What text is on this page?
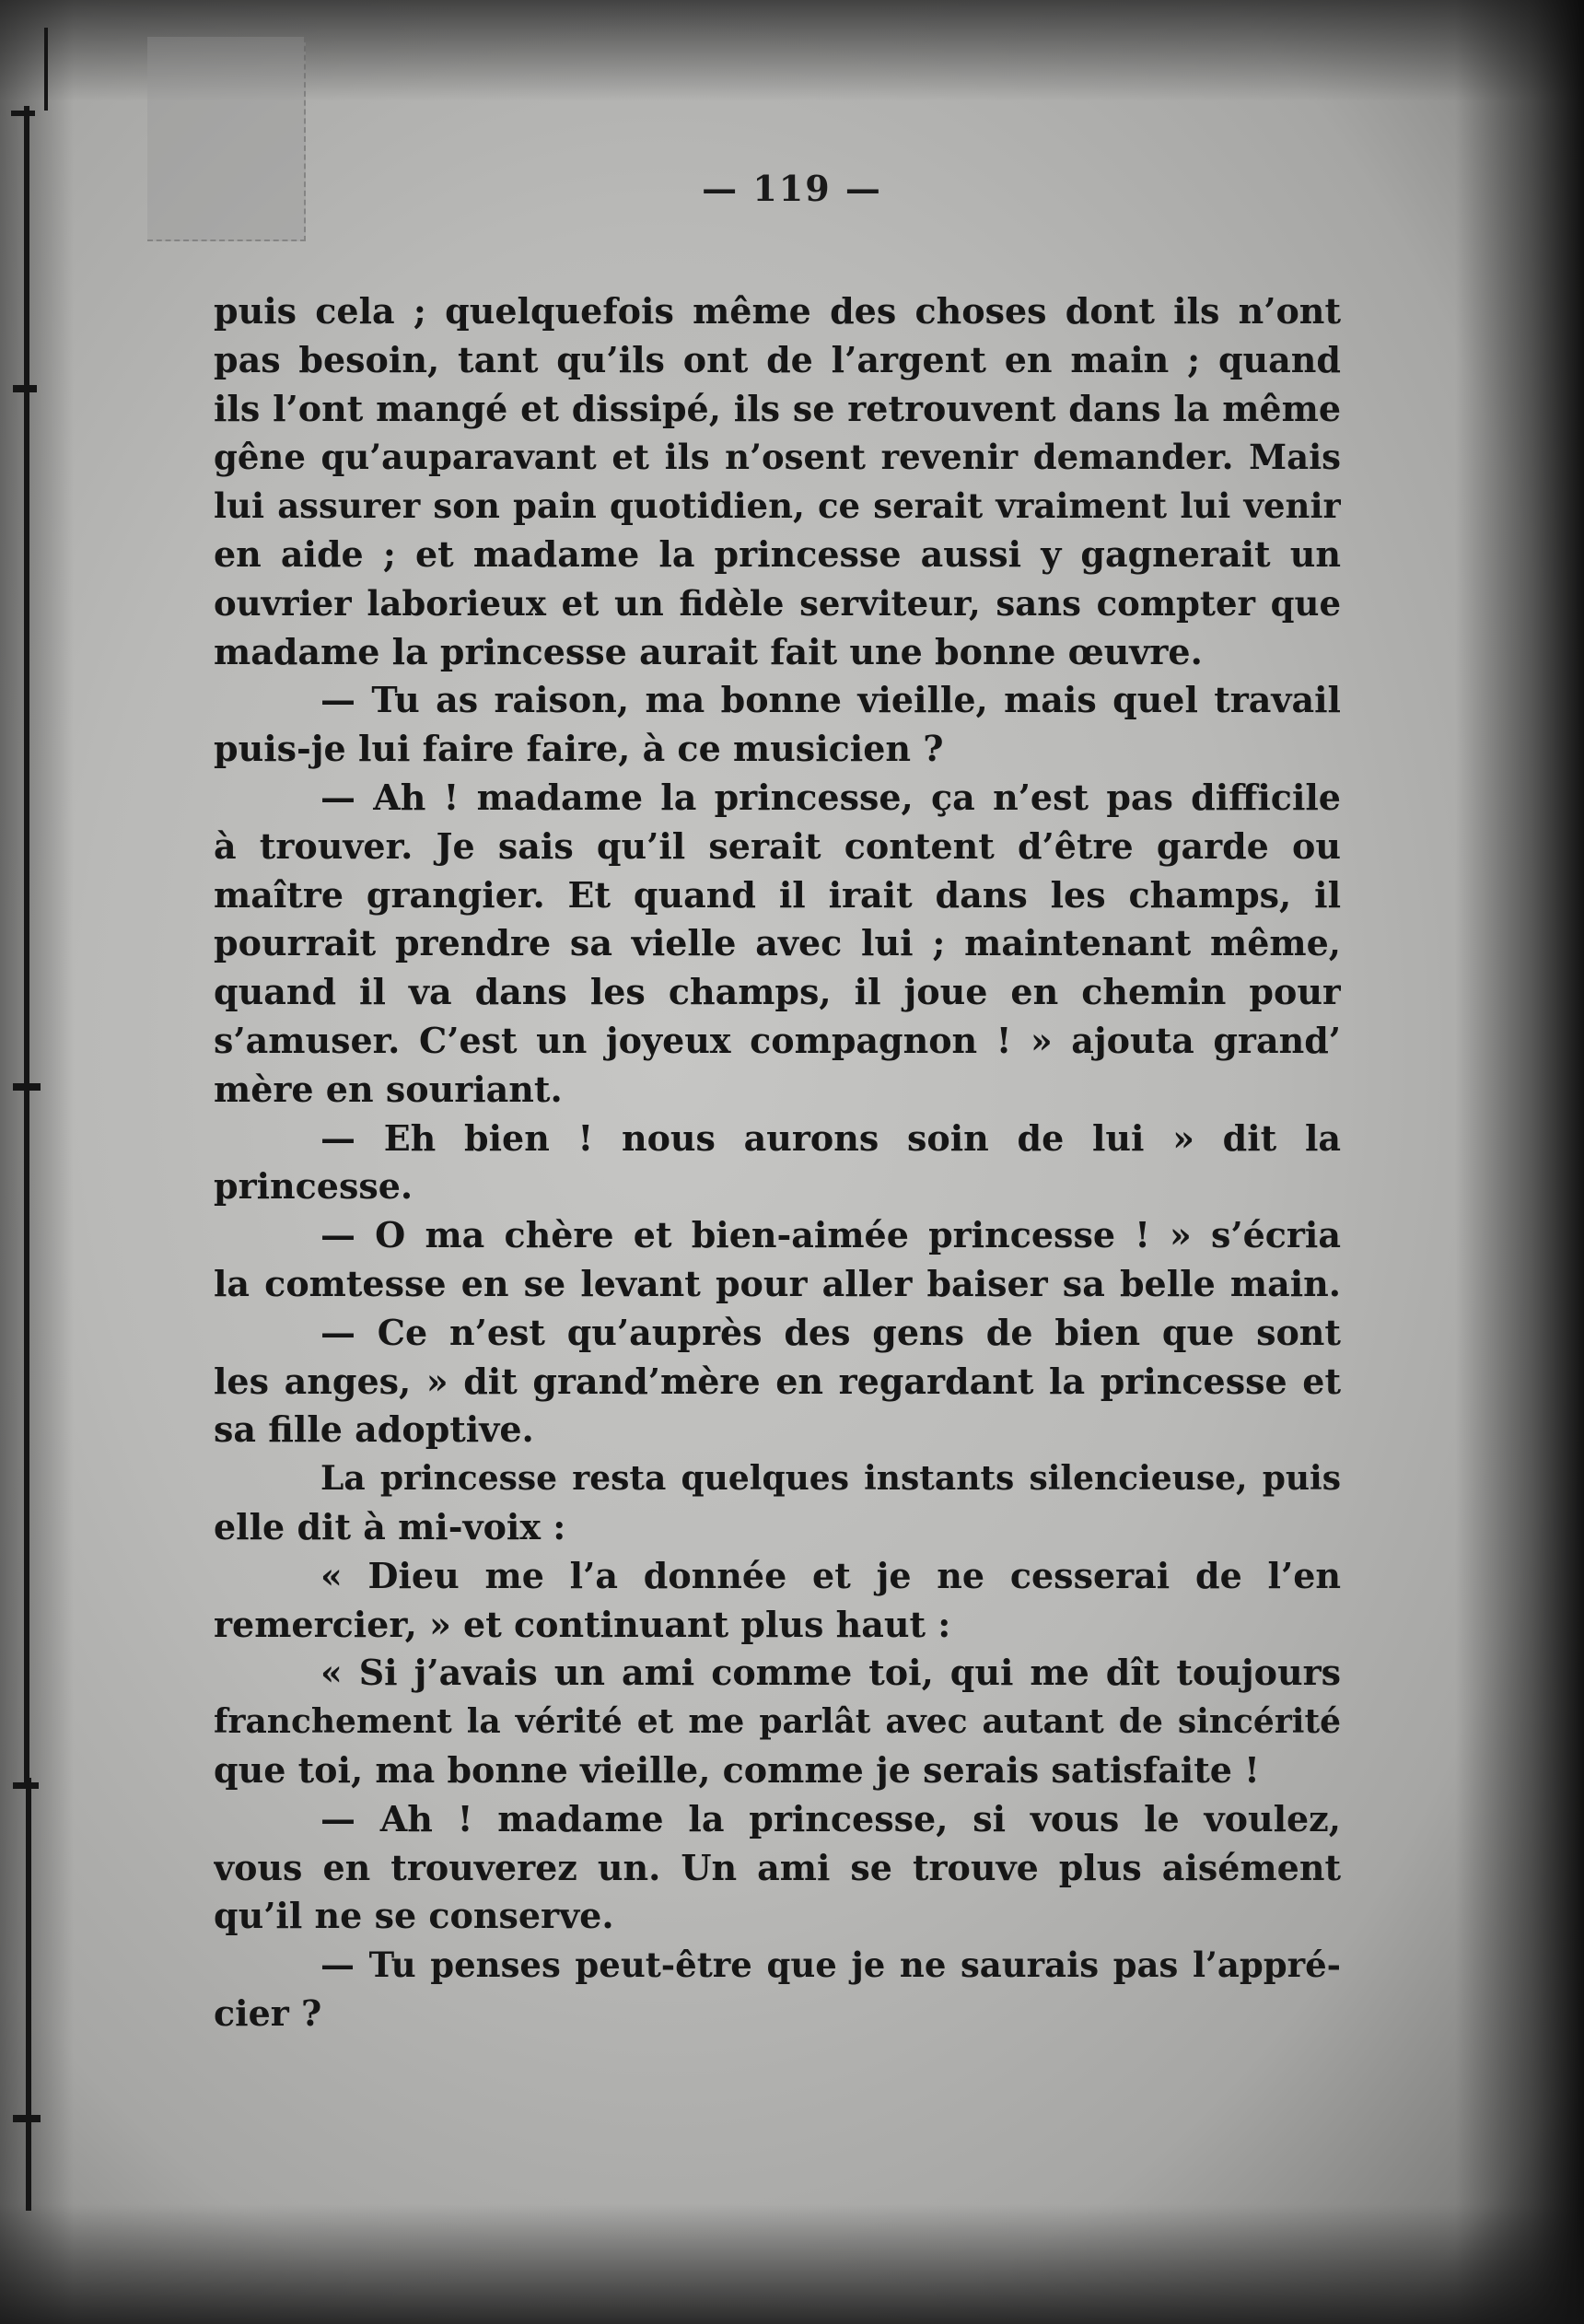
— 119 —
puis cela ; quelquefois même des choses dont ils n’ont
pas besoin, tant qu’ils ont de l’argent en main ; quand
ils l’ont mangé et dissipé, ils se retrouvent dans la même
gêne qu’auparavant et ils n’osent revenir demander. Mais
lui assurer son pain quotidien, ce serait vraiment lui venir
en aide ; et madame la princesse aussi y gagnerait un
ouvrier laborieux et un fidèle serviteur, sans compter que
madame la princesse aurait fait une bonne œuvre.
— Tu as raison, ma bonne vieille, mais quel travail
puis-je lui faire faire, à ce musicien ?
— Ah ! madame la princesse, ça n’est pas difficile
à trouver. Je sais qu’il serait content d’être garde ou
maître grangier. Et quand il irait dans les champs, il
pourrait prendre sa vielle avec lui ; maintenant même,
quand il va dans les champs, il joue en chemin pour
s’amuser. C’est un joyeux compagnon ! » ajouta grand’
mère en souriant.
— Eh bien ! nous aurons soin de lui » dit la
princesse.
— O ma chère et bien-aimée princesse ! » s’écria
la comtesse en se levant pour aller baiser sa belle main.
— Ce n’est qu’auprès des gens de bien que sont
les anges, » dit grand’mère en regardant la princesse et
sa fille adoptive.
La princesse resta quelques instants silencieuse, puis
elle dit à mi-voix :
« Dieu me l’a donnée et je ne cesserai de l’en
remercier, » et continuant plus haut :
« Si j’avais un ami comme toi, qui me dît toujours
franchement la vérité et me parlât avec autant de sincérité
que toi, ma bonne vieille, comme je serais satisfaite !
— Ah ! madame la princesse, si vous le voulez,
vous en trouverez un. Un ami se trouve plus aisément
qu’il ne se conserve.
— Tu penses peut-être que je ne saurais pas l’appré-
cier ?
